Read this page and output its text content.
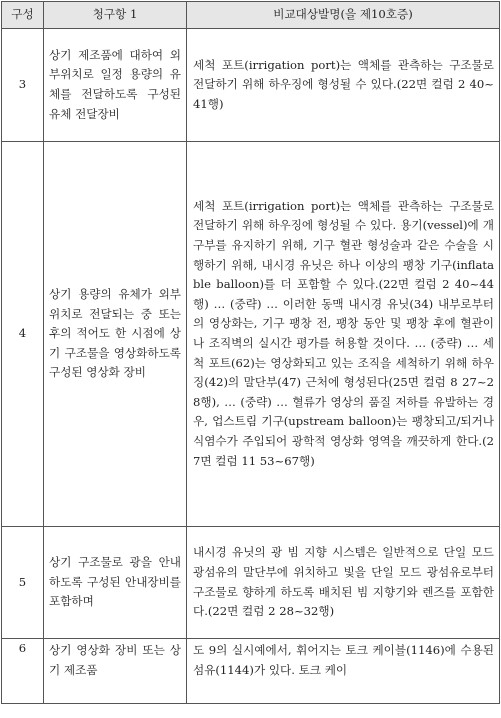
구성	청구항 1	비교대상발명(을 제10호증)
3	상기 제조품에 대하여 외부위치로 일정 용량의 유체를 전달하도록 구성된 유체 전달장비	세척 포트(irrigation port)는 액체를 관측하는 구조물로 전달하기 위해 하우징에 형성될 수 있다.(22면 컬럼 2 40~41행)
4	상기 용량의 유체가 외부위치로 전달되는 중 또는 후의 적어도 한 시점에 상기 구조물을 영상화하도록 구성된 영상화 장비	세척 포트(irrigation port)는 액체를 관측하는 구조물로 전달하기 위해 하우징에 형성될 수 있다. 용기(vessel)에 개구부를 유지하기 위해, 기구 혈관 형성술과 같은 수술을 시행하기 위해, 내시경 유닛은 하나 이상의 팽창 기구(inflatable balloon)를 더 포함할 수 있다.(22면 컬럼 2 40~44행) … (중략) … 이러한 동맥 내시경 유닛(34) 내부로부터의 영상화는, 기구 팽창 전, 팽창 동안 및 팽창 후에 혈관이나 조직벽의 실시간 평가를 허용할 것이다. … (중략) … 세척 포트(62)는 영상화되고 있는 조직을 세척하기 위해 하우징(42)의 말단부(47) 근처에 형성된다(25면 컬럼 8 27~28행), … (중략) … 혈류가 영상의 품질 저하를 유발하는 경우, 업스트림 기구(upstream balloon)는 팽창되고/되거나 식염수가 주입되어 광학적 영상화 영역을 깨끗하게 한다.(27면 컬럼 11 53~67행)
5	상기 구조물로 광을 안내하도록 구성된 안내장비를 포함하며	내시경 유닛의 광 빔 지향 시스템은 일반적으로 단일 모드 광섬유의 말단부에 위치하고 빛을 단일 모드 광섬유로부터 구조물로 향하게 하도록 배치된 빔 지향기와 렌즈를 포함한다.(22면 컬럼 2 28~32행)
6	상기 영상화 장비 또는 상기 제조품	도 9의 실시예에서, 휘어지는 토크 케이블(1146)에 수용된 섬유(1144)가 있다. 토크 케이
